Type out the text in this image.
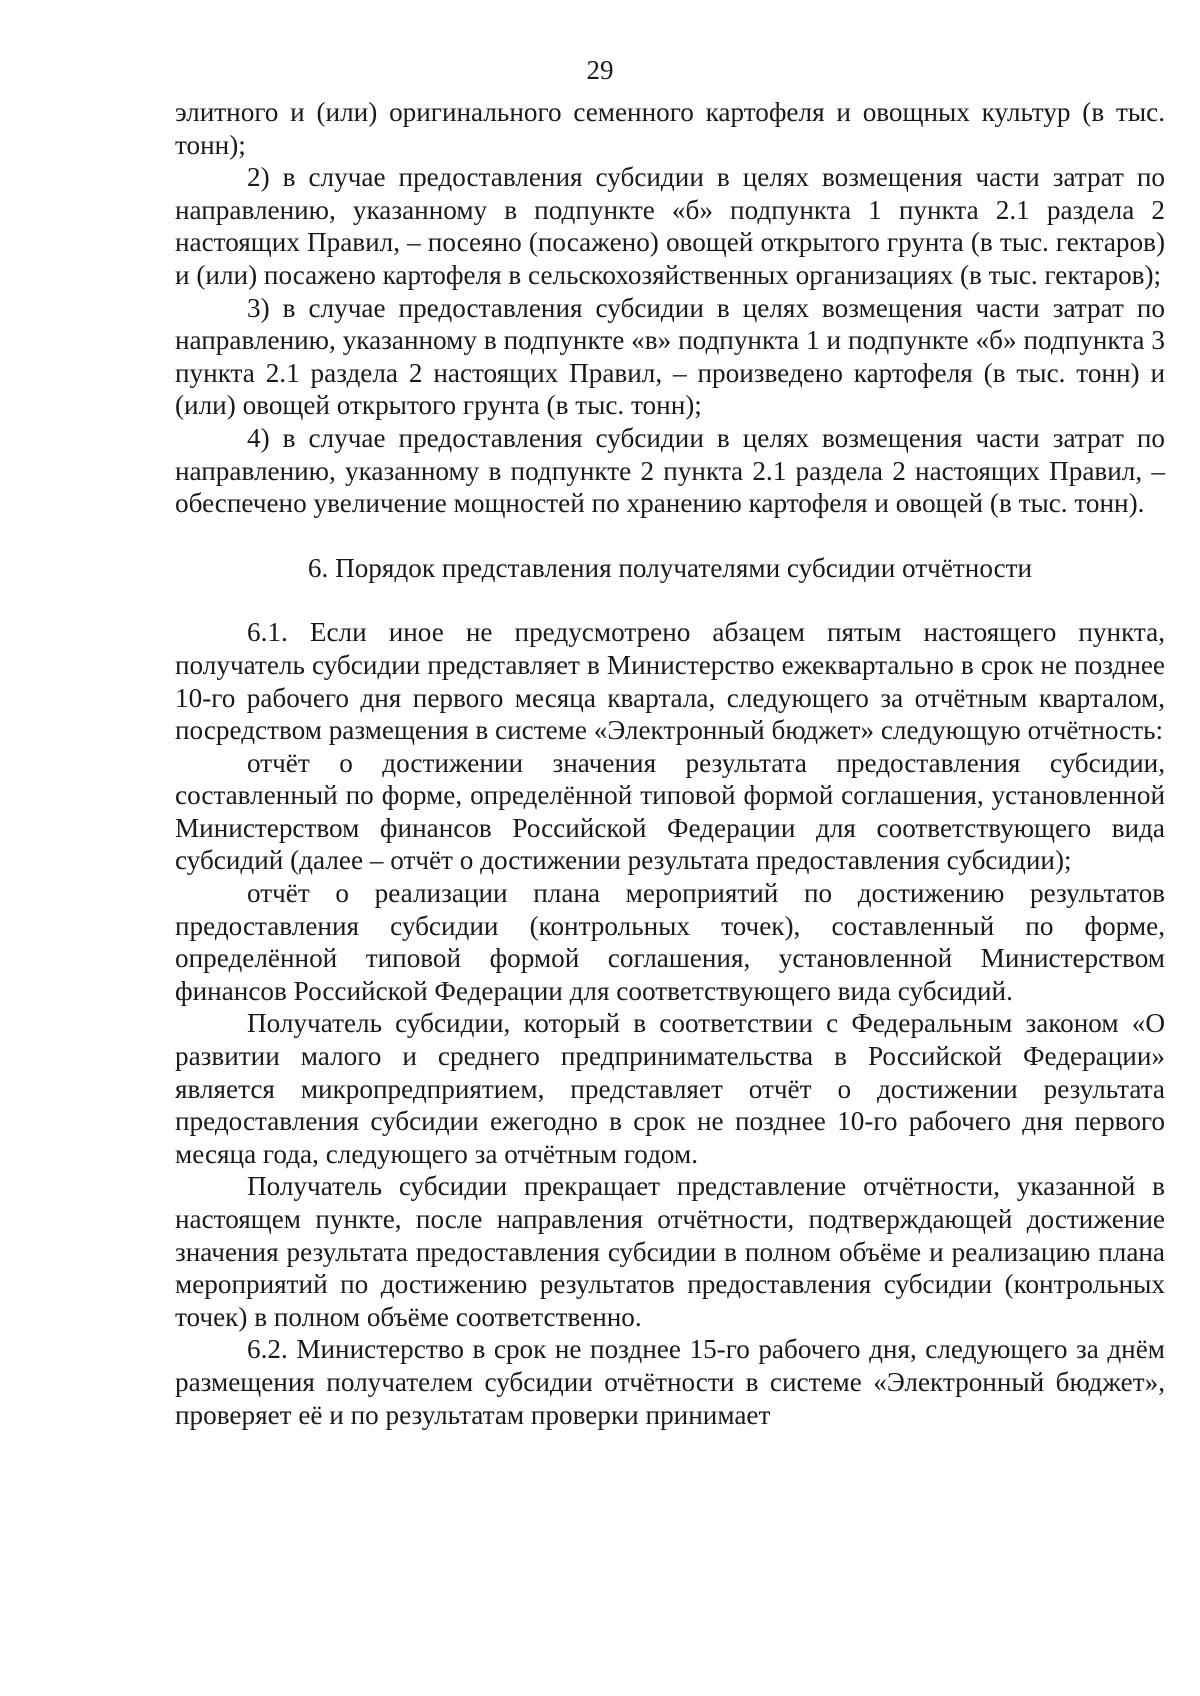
29

элитного и (или) оригинального семенного картофеля и овощных культур (в тыс. тонн);

2) в случае предоставления субсидии в целях возмещения части затрат по направлению, указанному в подпункте «б» подпункта 1 пункта 2.1 раздела 2 настоящих Правил, – посеяно (посажено) овощей открытого грунта (в тыс. гектаров) и (или) посажено картофеля в сельскохозяйственных организациях (в тыс. гектаров);

3) в случае предоставления субсидии в целях возмещения части затрат по направлению, указанному в подпункте «в» подпункта 1 и подпункте «б» подпункта 3 пункта 2.1 раздела 2 настоящих Правил, – произведено картофеля (в тыс. тонн) и (или) овощей открытого грунта (в тыс. тонн);

4) в случае предоставления субсидии в целях возмещения части затрат по направлению, указанному в подпункте 2 пункта 2.1 раздела 2 настоящих Правил, – обеспечено увеличение мощностей по хранению картофеля и овощей (в тыс. тонн).

6. Порядок представления получателями субсидии отчётности

6.1. Если иное не предусмотрено абзацем пятым настоящего пункта, получатель субсидии представляет в Министерство ежеквартально в срок не позднее 10-го рабочего дня первого месяца квартала, следующего за отчётным кварталом, посредством размещения в системе «Электронный бюджет» следующую отчётность:

отчёт о достижении значения результата предоставления субсидии, составленный по форме, определённой типовой формой соглашения, установленной Министерством финансов Российской Федерации для соответствующего вида субсидий (далее – отчёт о достижении результата предоставления субсидии);

отчёт о реализации плана мероприятий по достижению результатов предоставления субсидии (контрольных точек), составленный по форме, определённой типовой формой соглашения, установленной Министерством финансов Российской Федерации для соответствующего вида субсидий.

Получатель субсидии, который в соответствии с Федеральным законом «О развитии малого и среднего предпринимательства в Российской Федерации» является микропредприятием, представляет отчёт о достижении результата предоставления субсидии ежегодно в срок не позднее 10-го рабочего дня первого месяца года, следующего за отчётным годом.

Получатель субсидии прекращает представление отчётности, указанной в настоящем пункте, после направления отчётности, подтверждающей достижение значения результата предоставления субсидии в полном объёме и реализацию плана мероприятий по достижению результатов предоставления субсидии (контрольных точек) в полном объёме соответственно.

6.2. Министерство в срок не позднее 15-го рабочего дня, следующего за днём размещения получателем субсидии отчётности в системе «Электронный бюджет», проверяет её и по результатам проверки принимает
